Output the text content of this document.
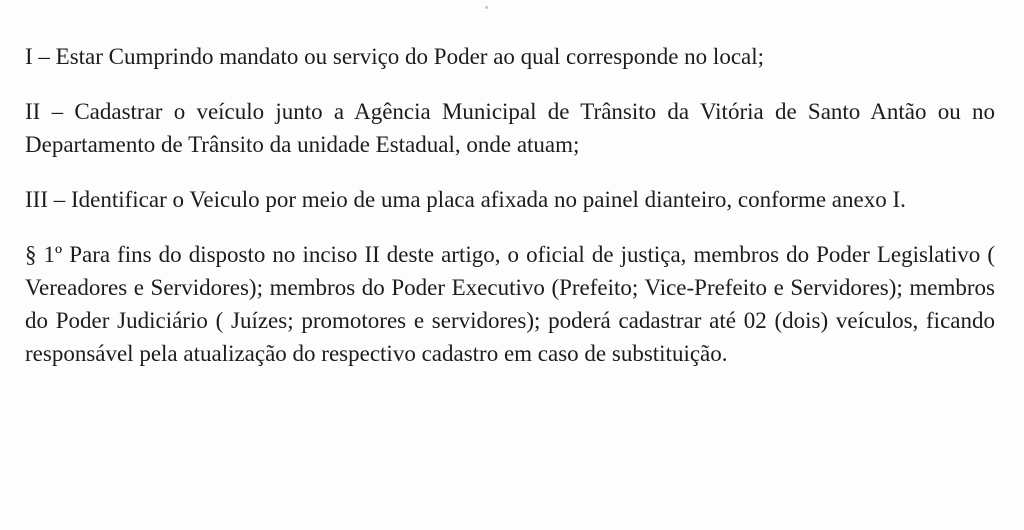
I – Estar Cumprindo mandato ou serviço do Poder ao qual corresponde no local;

II – Cadastrar o veículo junto a Agência Municipal de Trânsito da Vitória de Santo Antão ou no Departamento de Trânsito da unidade Estadual, onde atuam;

III – Identificar o Veiculo por meio de uma placa afixada no painel dianteiro, conforme anexo I.

§ 1º Para fins do disposto no inciso II deste artigo, o oficial de justiça, membros do Poder Legislativo ( Vereadores e Servidores); membros do Poder Executivo (Prefeito; Vice-Prefeito e Servidores); membros do Poder Judiciário ( Juízes; promotores e servidores); poderá cadastrar até 02 (dois) veículos, ficando responsável pela atualização do respectivo cadastro em caso de substituição.
